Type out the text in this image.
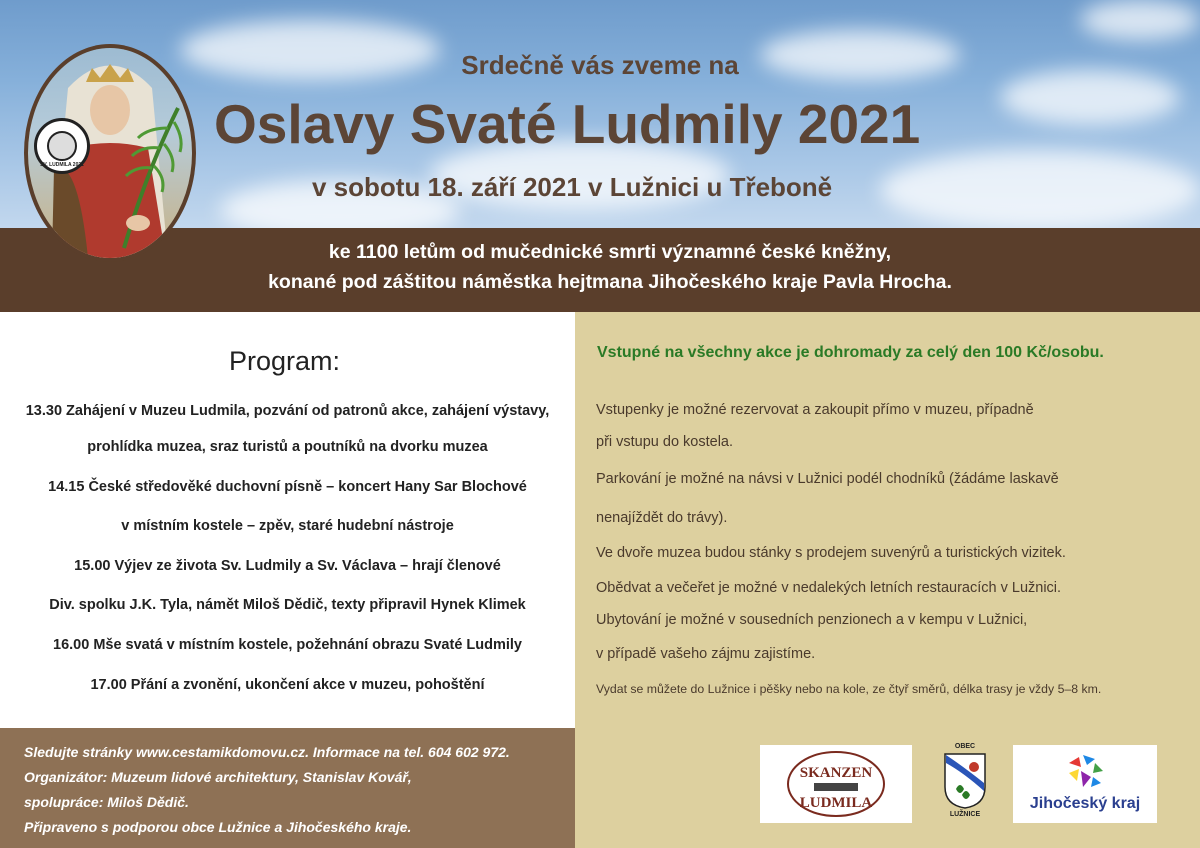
Srdečně vás zveme na
Oslavy Svaté Ludmily 2021
v sobotu 18. září 2021 v Lužnici u Třeboně
ke 1100 letům od mučednické smrti významné české kněžny,
konané pod záštitou náměstka hejtmana Jihočeského kraje Pavla Hrocha.
SV. LUDMILA 2021
Program:
13.30 Zahájení v Muzeu Ludmila, pozvání od patronů akce, zahájení výstavy,
prohlídka muzea, sraz turistů a poutníků na dvorku muzea
14.15 České středověké duchovní písně – koncert Hany Sar Blochové
v místním kostele – zpěv, staré hudební nástroje
15.00 Výjev ze života Sv. Ludmily a Sv. Václava – hrají členové
Div. spolku J.K. Tyla, námět Miloš Dědič, texty připravil Hynek Klimek
16.00 Mše svatá v místním kostele, požehnání obrazu Svaté Ludmily
17.00 Přání a zvonění, ukončení akce v muzeu, pohoštění
Vstupné na všechny akce je dohromady za celý den 100 Kč/osobu.
Vstupenky je možné rezervovat a zakoupit přímo v muzeu, případně
při vstupu do kostela.
Parkování je možné na návsi v Lužnici podél chodníků (žádáme laskavě
nenajíždět do trávy).
Ve dvoře muzea budou stánky s prodejem suvenýrů a turistických vizitek.
Obědvat a večeřet je možné v nedalekých letních restauracích v Lužnici.
Ubytování je možné v sousedních penzionech a v kempu v Lužnici,
v případě vašeho zájmu zajistíme.
Vydat se můžete do Lužnice i pěšky nebo na kole, ze čtyř směrů, délka trasy je vždy 5–8 km.
Sledujte stránky www.cestamikdomovu.cz. Informace na tel. 604 602 972.
Organizátor: Muzeum lidové architektury, Stanislav Kovář,
spolupráce: Miloš Dědič.
Připraveno s podporou obce Lužnice a Jihočeského kraje.
SKANZEN
LUDMILA
OBEC
LUŽNICE
Jihočeský kraj
